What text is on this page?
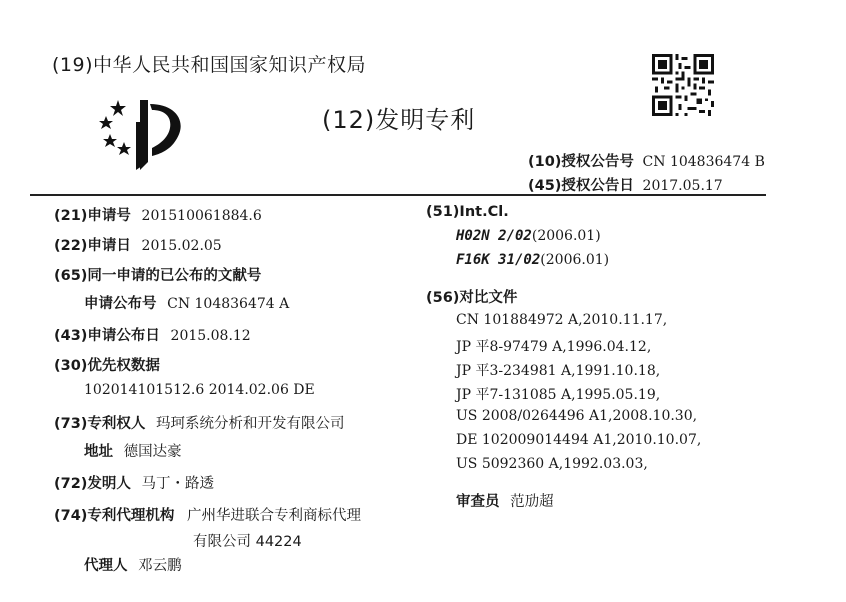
(19)中华人民共和国国家知识产权局
(12)发明专利
(10)授权公告号 CN 104836474 B
(45)授权公告日 2017.05.17
(21)申请号 201510061884.6
(22)申请日 2015.02.05
(65)同一申请的已公布的文献号
申请公布号 CN 104836474 A
(43)申请公布日 2015.08.12
(30)优先权数据
102014101512.6 2014.02.06 DE
(73)专利权人 玛珂系统分析和开发有限公司
地址 德国达豪
(72)发明人 马丁・路透
(74)专利代理机构 广州华进联合专利商标代理
有限公司 44224
代理人 邓云鹏
(51)Int.Cl.
H02N 2/02(2006.01)
F16K 31/02(2006.01)
(56)对比文件
CN 101884972 A,2010.11.17,
JP 平8-97479 A,1996.04.12,
JP 平3-234981 A,1991.10.18,
JP 平7-131085 A,1995.05.19,
US 2008/0264496 A1,2008.10.30,
DE 102009014494 A1,2010.10.07,
US 5092360 A,1992.03.03,
审查员 范劢超
